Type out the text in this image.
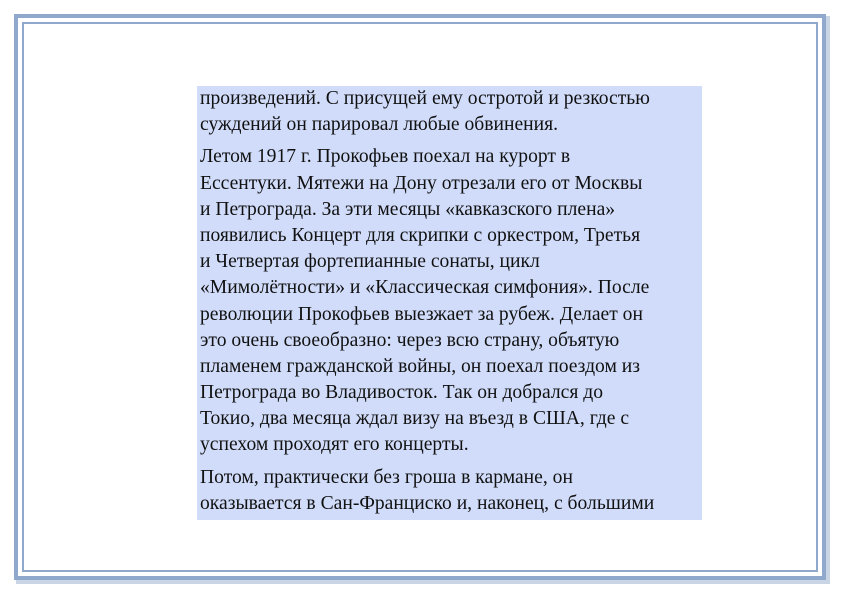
произведений. С присущей ему остротой и резкостью
суждений он парировал любые обвинения.
Летом 1917 г. Прокофьев поехал на курорт в
Ессентуки. Мятежи на Дону отрезали его от Москвы
и Петрограда. За эти месяцы «кавказского плена»
появились Концерт для скрипки с оркестром, Третья
и Четвертая фортепианные сонаты, цикл
«Мимолётности» и «Классическая симфония». После
революции Прокофьев выезжает за рубеж. Делает он
это очень своеобразно: через всю страну, объятую
пламенем гражданской войны, он поехал поездом из
Петрограда во Владивосток. Так он добрался до
Токио, два месяца ждал визу на въезд в США, где с
успехом проходят его концерты.
Потом, практически без гроша в кармане, он
оказывается в Сан-Франциско и, наконец, с большими
